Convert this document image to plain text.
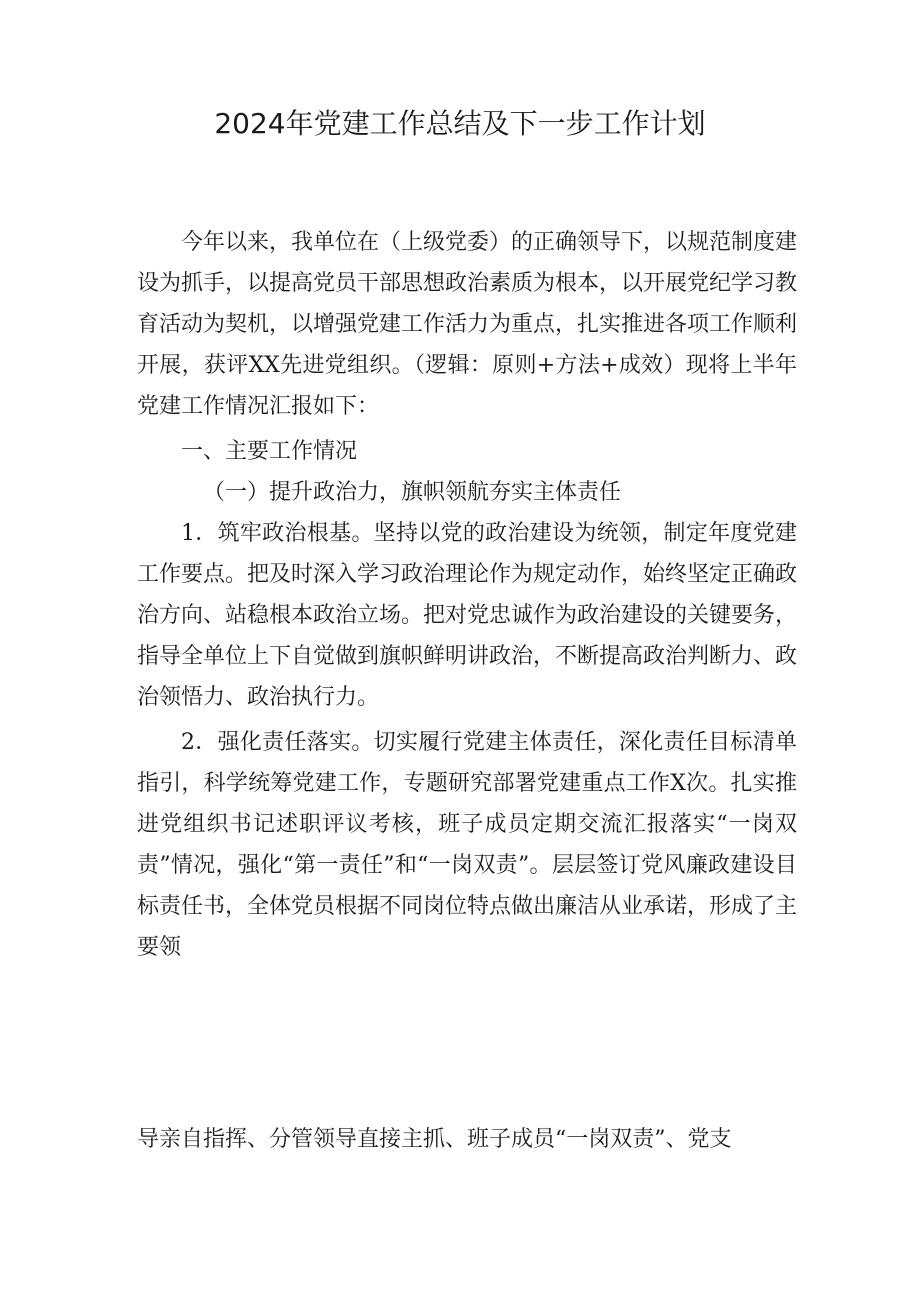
2024年党建工作总结及下一步工作计划

今年以来，我单位在（上级党委）的正确领导下，以规范制度建设为抓手，以提高党员干部思想政治素质为根本，以开展党纪学习教育活动为契机，以增强党建工作活力为重点，扎实推进各项工作顺利开展，获评XX先进党组织。（逻辑：原则+方法+成效）现将上半年党建工作情况汇报如下：

一、主要工作情况

（一）提升政治力，旗帜领航夯实主体责任

1．筑牢政治根基。坚持以党的政治建设为统领，制定年度党建工作要点。把及时深入学习政治理论作为规定动作，始终坚定正确政治方向、站稳根本政治立场。把对党忠诚作为政治建设的关键要务，指导全单位上下自觉做到旗帜鲜明讲政治，不断提高政治判断力、政治领悟力、政治执行力。

2．强化责任落实。切实履行党建主体责任，深化责任目标清单指引，科学统筹党建工作，专题研究部署党建重点工作X次。扎实推进党组织书记述职评议考核，班子成员定期交流汇报落实“一岗双责”情况，强化“第一责任”和“一岗双责”。层层签订党风廉政建设目标责任书，全体党员根据不同岗位特点做出廉洁从业承诺，形成了主要领

导亲自指挥、分管领导直接主抓、班子成员“一岗双责”、党支
